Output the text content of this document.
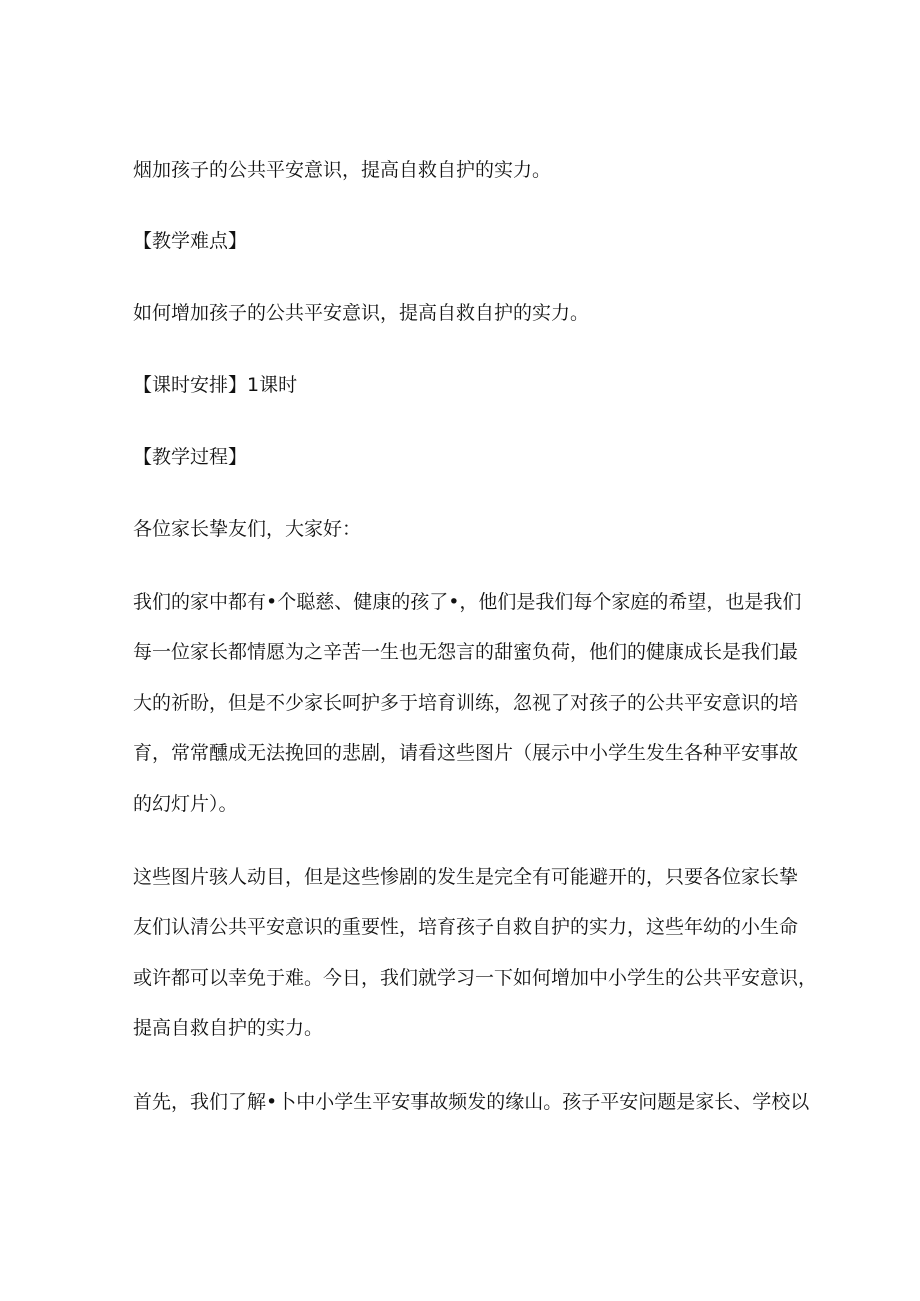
烟加孩子的公共平安意识，提高自救自护的实力。
【教学难点】
如何增加孩子的公共平安意识，提高自救自护的实力。
【课时安排】1课时
【教学过程】
各位家长挚友们，大家好：
我们的家中都有•个聪慈、健康的孩了•，他们是我们每个家庭的希望，也是我们
每一位家长都情愿为之辛苦一生也无怨言的甜蜜负荷，他们的健康成长是我们最
大的祈盼，但是不少家长呵护多于培育训练，忽视了对孩子的公共平安意识的培
育，常常醺成无法挽回的悲剧，请看这些图片（展示中小学生发生各种平安事故
的幻灯片）。
这些图片骇人动目，但是这些惨剧的发生是完全有可能避开的，只要各位家长挚
友们认清公共平安意识的重要性，培育孩子自救自护的实力，这些年幼的小生命
或许都可以幸免于难。今日，我们就学习一下如何增加中小学生的公共平安意识，
提高自救自护的实力。
首先，我们了解•卜中小学生平安事故频发的缘山。孩子平安问题是家长、学校以
